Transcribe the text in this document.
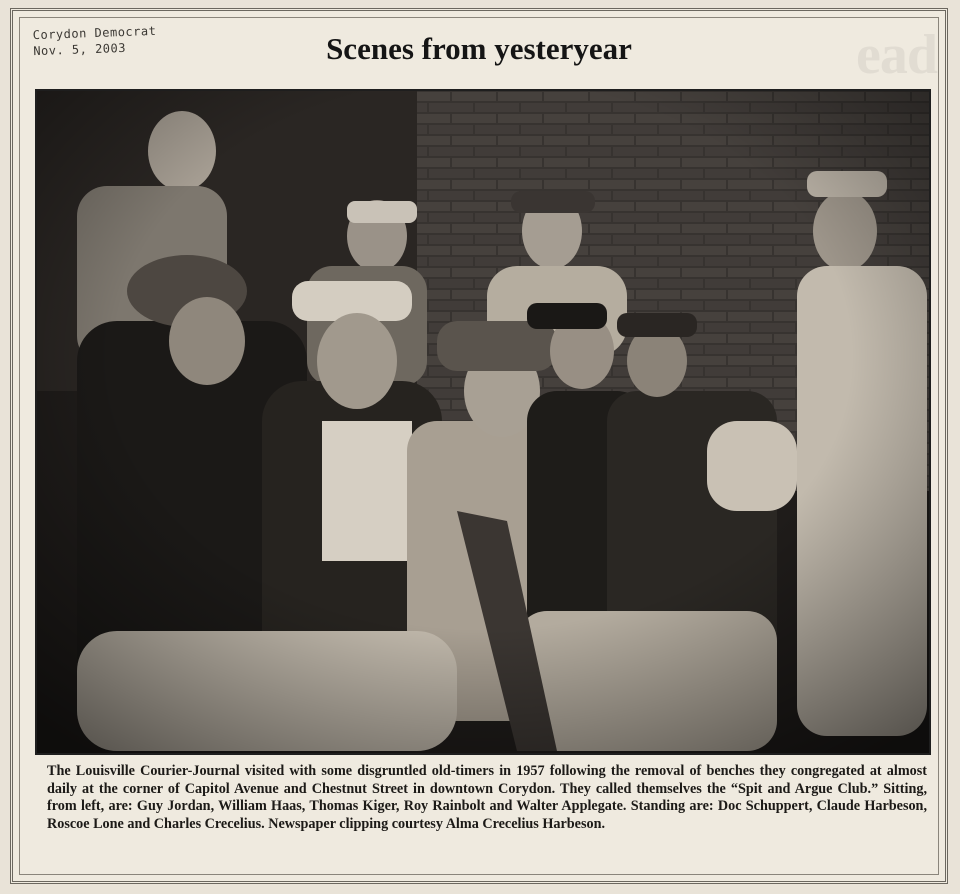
ead
Corydon Democrat
Nov. 5, 2003	Scenes from yesteryear
The Louisville Courier-Journal visited with some disgruntled old-timers in 1957 following the removal of benches they congregated at almost daily at the corner of Capitol Avenue and Chestnut Street in downtown Corydon. They called themselves the “Spit and Argue Club.” Sitting, from left, are: Guy Jordan, William Haas, Thomas Kiger, Roy Rainbolt and Walter Applegate. Standing are: Doc Schuppert, Claude Harbeson, Roscoe Lone and Charles Crecelius. Newspaper clipping courtesy Alma Crecelius Harbeson.
